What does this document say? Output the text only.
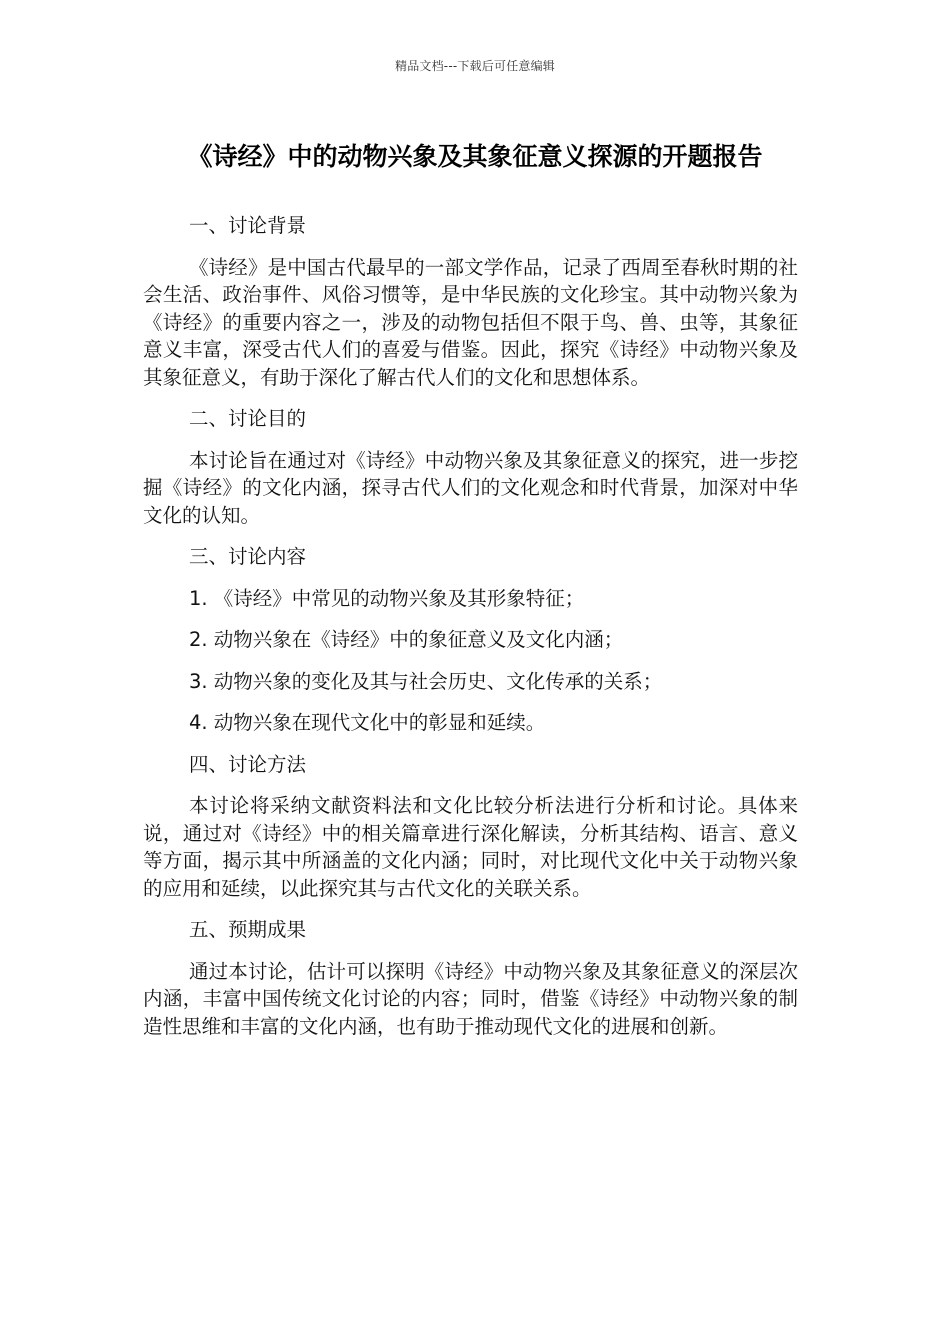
精品文档---下载后可任意编辑
《诗经》中的动物兴象及其象征意义探源的开题报告

一、讨论背景

《诗经》是中国古代最早的一部文学作品，记录了西周至春秋时期的社会生活、政治事件、风俗习惯等，是中华民族的文化珍宝。其中动物兴象为《诗经》的重要内容之一，涉及的动物包括但不限于鸟、兽、虫等，其象征意义丰富，深受古代人们的喜爱与借鉴。因此，探究《诗经》中动物兴象及其象征意义，有助于深化了解古代人们的文化和思想体系。

二、讨论目的

本讨论旨在通过对《诗经》中动物兴象及其象征意义的探究，进一步挖掘《诗经》的文化内涵，探寻古代人们的文化观念和时代背景，加深对中华文化的认知。

三、讨论内容

1. 《诗经》中常见的动物兴象及其形象特征；

2. 动物兴象在《诗经》中的象征意义及文化内涵；

3. 动物兴象的变化及其与社会历史、文化传承的关系；

4. 动物兴象在现代文化中的彰显和延续。

四、讨论方法

本讨论将采纳文献资料法和文化比较分析法进行分析和讨论。具体来说，通过对《诗经》中的相关篇章进行深化解读，分析其结构、语言、意义等方面，揭示其中所涵盖的文化内涵；同时，对比现代文化中关于动物兴象的应用和延续，以此探究其与古代文化的关联关系。

五、预期成果

通过本讨论，估计可以探明《诗经》中动物兴象及其象征意义的深层次内涵，丰富中国传统文化讨论的内容；同时，借鉴《诗经》中动物兴象的制造性思维和丰富的文化内涵，也有助于推动现代文化的进展和创新。
